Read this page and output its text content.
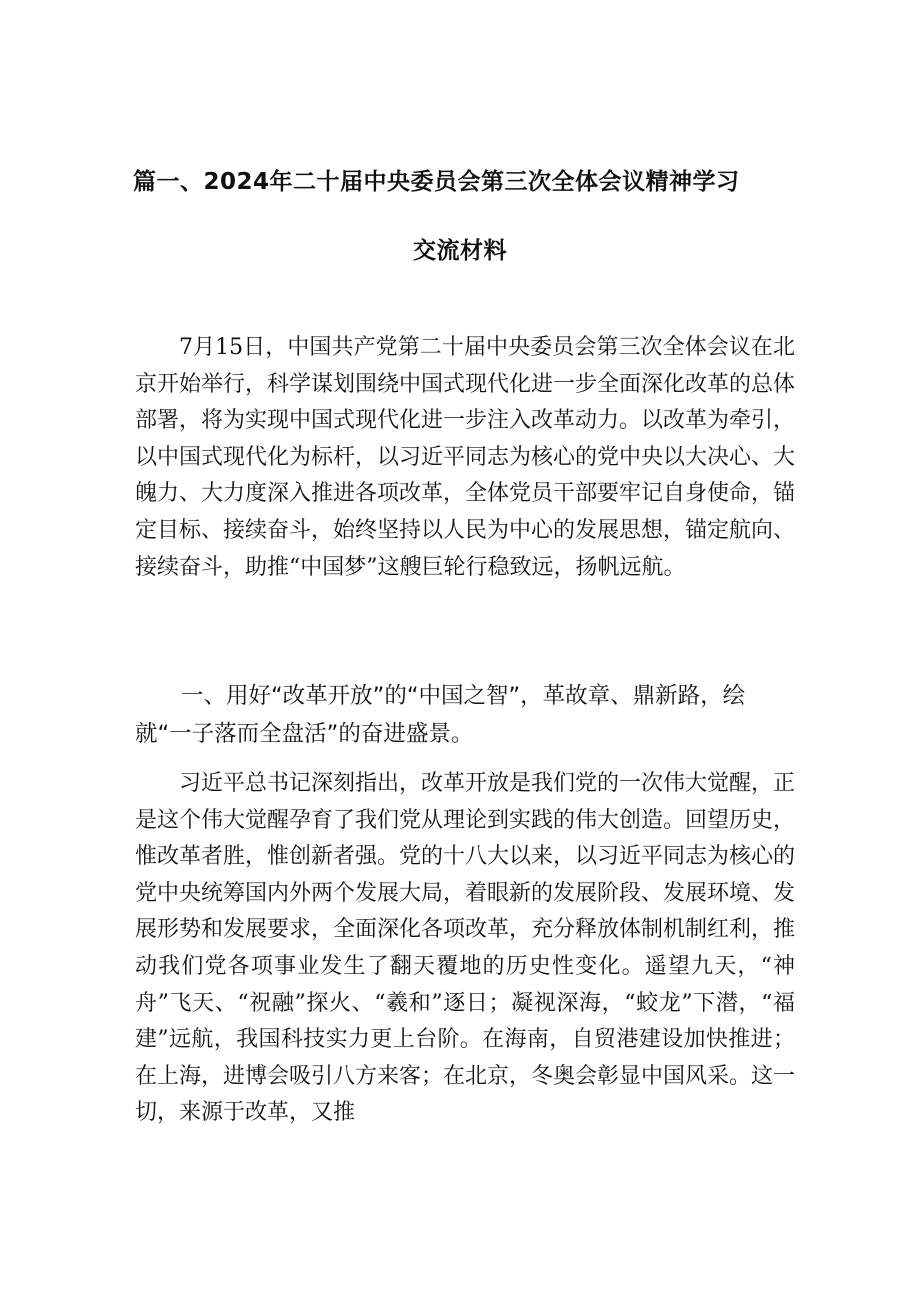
篇一、2024年二十届中央委员会第三次全体会议精神学习
交流材料
7月15日，中国共产党第二十届中央委员会第三次全体会议在北京开始举行，科学谋划围绕中国式现代化进一步全面深化改革的总体部署，将为实现中国式现代化进一步注入改革动力。以改革为牵引，以中国式现代化为标杆，以习近平同志为核心的党中央以大决心、大魄力、大力度深入推进各项改革，全体党员干部要牢记自身使命，锚定目标、接续奋斗，始终坚持以人民为中心的发展思想，锚定航向、接续奋斗，助推“中国梦”这艘巨轮行稳致远，扬帆远航。
一、用好“改革开放”的“中国之智”，革故章、鼎新路，绘就“一子落而全盘活”的奋进盛景。
习近平总书记深刻指出，改革开放是我们党的一次伟大觉醒，正是这个伟大觉醒孕育了我们党从理论到实践的伟大创造。回望历史，惟改革者胜，惟创新者强。党的十八大以来，以习近平同志为核心的党中央统筹国内外两个发展大局，着眼新的发展阶段、发展环境、发展形势和发展要求，全面深化各项改革，充分释放体制机制红利，推动我们党各项事业发生了翻天覆地的历史性变化。遥望九天，“神舟”飞天、“祝融”探火、“羲和”逐日；凝视深海，“蛟龙”下潜，“福建”远航，我国科技实力更上台阶。在海南，自贸港建设加快推进；在上海，进博会吸引八方来客；在北京，冬奥会彰显中国风采。这一切，来源于改革，又推
